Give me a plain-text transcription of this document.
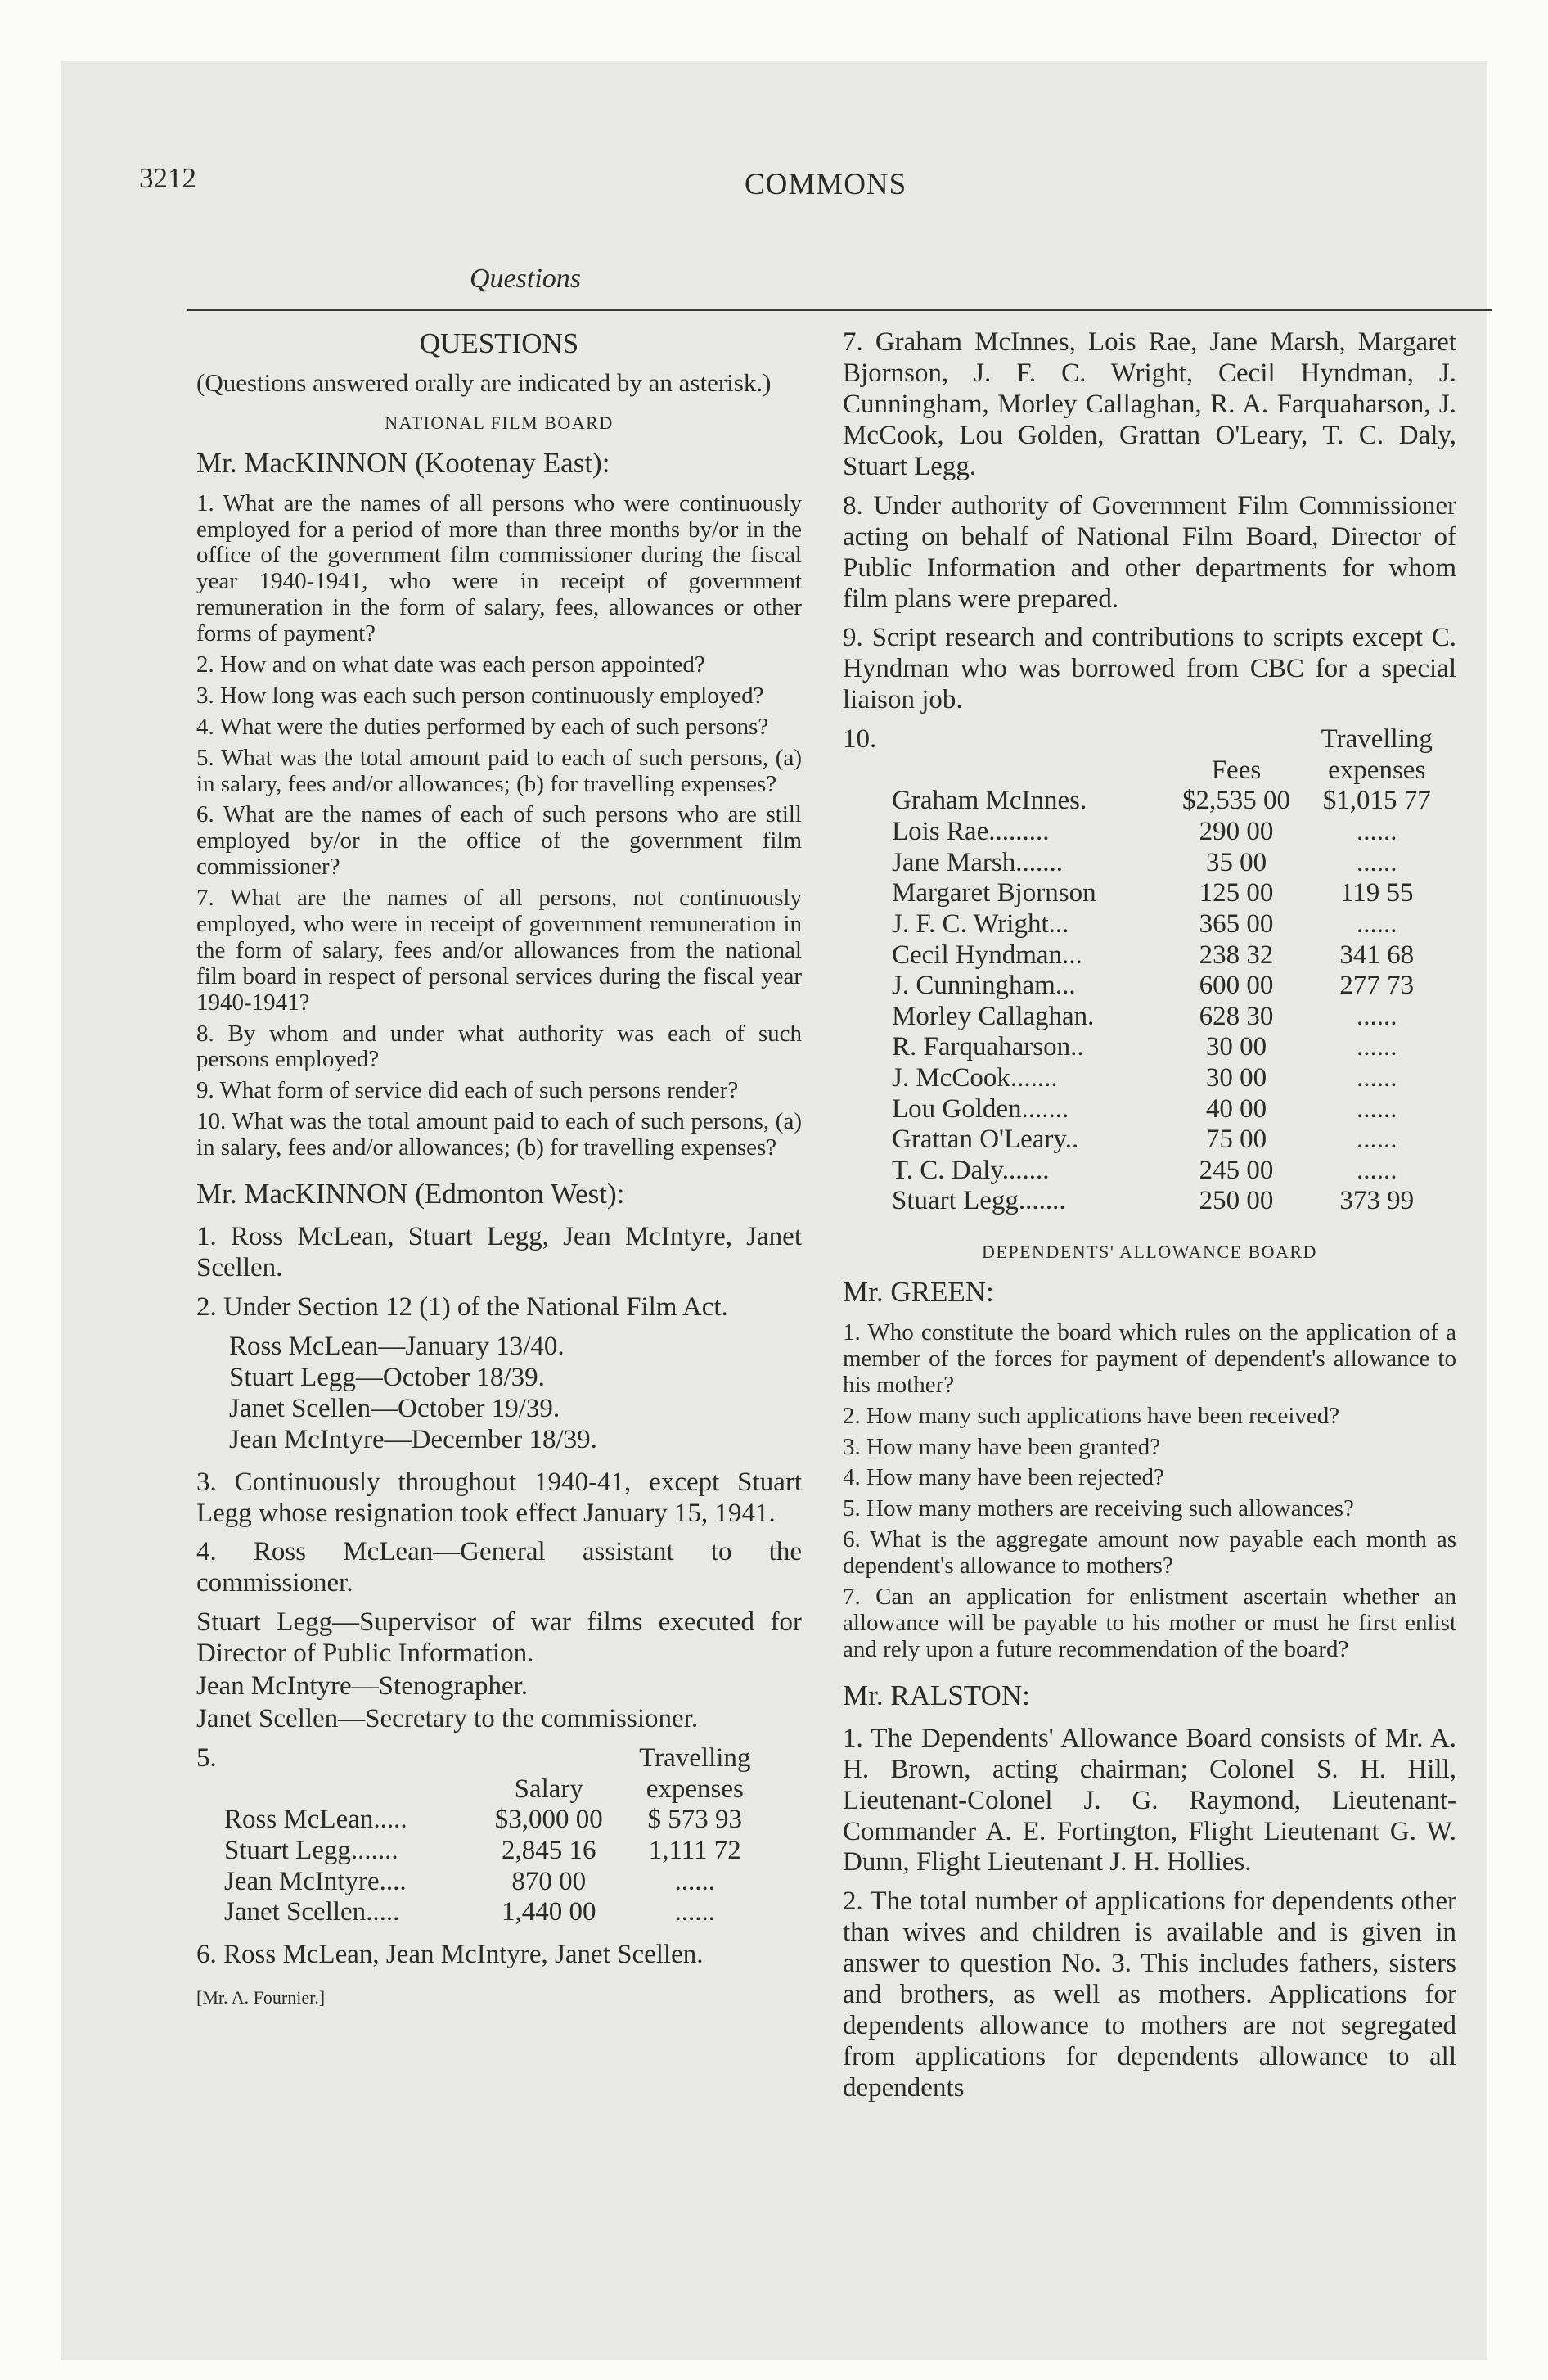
3212	COMMONS
Questions

QUESTIONS

(Questions answered orally are indicated by an asterisk.)

NATIONAL FILM BOARD

Mr. MacKINNON (Kootenay East):

1. What are the names of all persons who were continuously employed for a period of more than three months by/or in the office of the government film commissioner during the fiscal year 1940-1941, who were in receipt of government remuneration in the form of salary, fees, allowances or other forms of payment?

2. How and on what date was each person appointed?

3. How long was each such person continuously employed?

4. What were the duties performed by each of such persons?

5. What was the total amount paid to each of such persons, (a) in salary, fees and/or allowances; (b) for travelling expenses?

6. What are the names of each of such persons who are still employed by/or in the office of the government film commissioner?

7. What are the names of all persons, not continuously employed, who were in receipt of government remuneration in the form of salary, fees and/or allowances from the national film board in respect of personal services during the fiscal year 1940-1941?

8. By whom and under what authority was each of such persons employed?

9. What form of service did each of such persons render?

10. What was the total amount paid to each of such persons, (a) in salary, fees and/or allowances; (b) for travelling expenses?

Mr. MacKINNON (Edmonton West):

1. Ross McLean, Stuart Legg, Jean McIntyre, Janet Scellen.

2. Under Section 12 (1) of the National Film Act.

Ross McLean—January 13/40.
Stuart Legg—October 18/39.
Janet Scellen—October 19/39.
Jean McIntyre—December 18/39.

3. Continuously throughout 1940-41, except Stuart Legg whose resignation took effect January 15, 1941.

4. Ross McLean—General assistant to the commissioner.

Stuart Legg—Supervisor of war films executed for Director of Public Information.

Jean McIntyre—Stenographer.

Janet Scellen—Secretary to the commissioner.

5.		Travelling
	Salary	expenses
Ross McLean.....	$3,000 00	$ 573 93
Stuart Legg.......	2,845 16	1,111 72
Jean McIntyre....	870 00	......
Janet Scellen.....	1,440 00	......

6. Ross McLean, Jean McIntyre, Janet Scellen.

[Mr. A. Fournier.]

7. Graham McInnes, Lois Rae, Jane Marsh, Margaret Bjornson, J. F. C. Wright, Cecil Hyndman, J. Cunningham, Morley Callaghan, R. A. Farquaharson, J. McCook, Lou Golden, Grattan O'Leary, T. C. Daly, Stuart Legg.

8. Under authority of Government Film Commissioner acting on behalf of National Film Board, Director of Public Information and other departments for whom film plans were prepared.

9. Script research and contributions to scripts except C. Hyndman who was borrowed from CBC for a special liaison job.

10.		Travelling
	Fees	expenses
Graham McInnes.	$2,535 00	$1,015 77
Lois Rae.........	290 00	......
Jane Marsh.......	35 00	......
Margaret Bjornson	125 00	119 55
J. F. C. Wright...	365 00	......
Cecil Hyndman...	238 32	341 68
J. Cunningham...	600 00	277 73
Morley Callaghan.	628 30	......
R. Farquaharson..	30 00	......
J. McCook.......	30 00	......
Lou Golden.......	40 00	......
Grattan O'Leary..	75 00	......
T. C. Daly.......	245 00	......
Stuart Legg.......	250 00	373 99

DEPENDENTS' ALLOWANCE BOARD

Mr. GREEN:

1. Who constitute the board which rules on the application of a member of the forces for payment of dependent's allowance to his mother?

2. How many such applications have been received?

3. How many have been granted?

4. How many have been rejected?

5. How many mothers are receiving such allowances?

6. What is the aggregate amount now payable each month as dependent's allowance to mothers?

7. Can an application for enlistment ascertain whether an allowance will be payable to his mother or must he first enlist and rely upon a future recommendation of the board?

Mr. RALSTON:

1. The Dependents' Allowance Board consists of Mr. A. H. Brown, acting chairman; Colonel S. H. Hill, Lieutenant-Colonel J. G. Raymond, Lieutenant-Commander A. E. Fortington, Flight Lieutenant G. W. Dunn, Flight Lieutenant J. H. Hollies.

2. The total number of applications for dependents other than wives and children is available and is given in answer to question No. 3. This includes fathers, sisters and brothers, as well as mothers. Applications for dependents allowance to mothers are not segregated from applications for dependents allowance to all dependents
